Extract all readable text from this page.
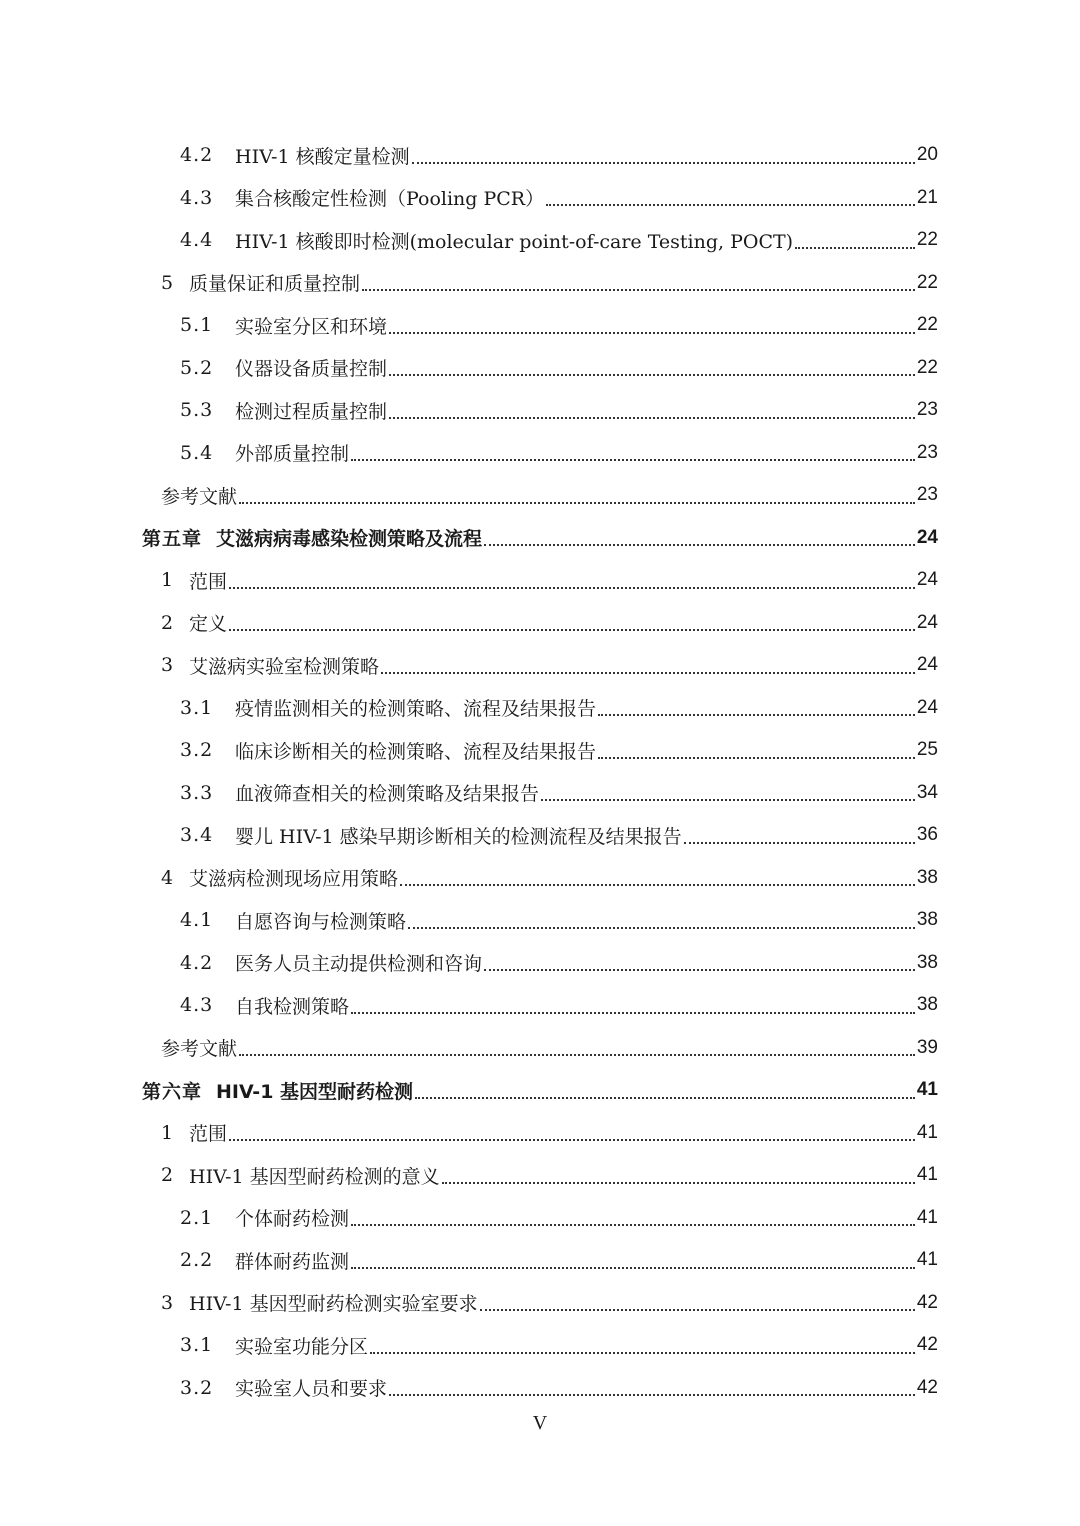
4.2	HIV-1 核酸定量检测	20
4.3	集合核酸定性检测（Pooling PCR）	21
4.4	HIV-1 核酸即时检测(molecular point-of-care Testing, POCT)	22
5 质量保证和质量控制	22
5.1	实验室分区和环境	22
5.2	仪器设备质量控制	22
5.3	检测过程质量控制	23
5.4	外部质量控制	23
参考文献	23
第五章 艾滋病病毒感染检测策略及流程	24
1 范围	24
2 定义	24
3 艾滋病实验室检测策略	24
3.1	疫情监测相关的检测策略、流程及结果报告	24
3.2	临床诊断相关的检测策略、流程及结果报告	25
3.3	血液筛查相关的检测策略及结果报告	34
3.4	婴儿 HIV-1 感染早期诊断相关的检测流程及结果报告	36
4 艾滋病检测现场应用策略	38
4.1	自愿咨询与检测策略	38
4.2	医务人员主动提供检测和咨询	38
4.3	自我检测策略	38
参考文献	39
第六章 HIV-1 基因型耐药检测	41
1 范围	41
2 HIV-1 基因型耐药检测的意义	41
2.1	个体耐药检测	41
2.2	群体耐药监测	41
3 HIV-1 基因型耐药检测实验室要求	42
3.1	实验室功能分区	42
3.2	实验室人员和要求	42
V
